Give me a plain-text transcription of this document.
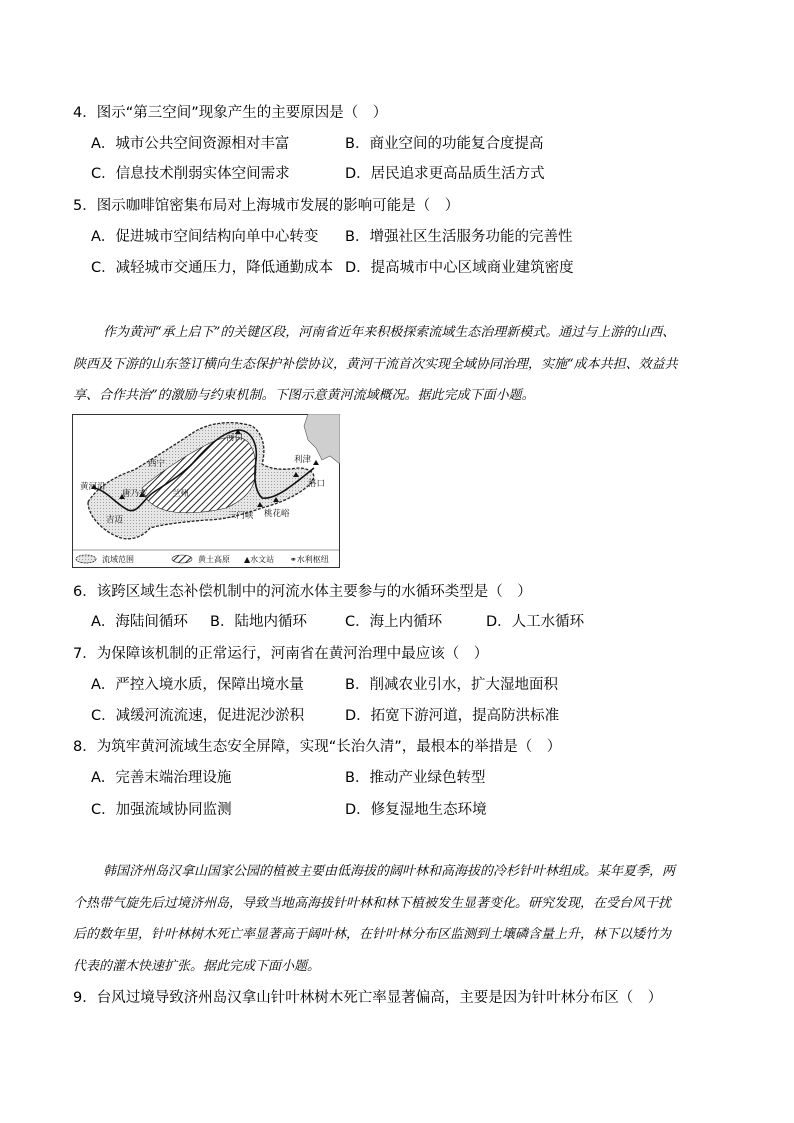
4．图示“第三空间”现象产生的主要原因是（　）
A．城市公共空间资源相对丰富	B．商业空间的功能复合度提高
C．信息技术削弱实体空间需求	D．居民追求更高品质生活方式
5．图示咖啡馆密集布局对上海城市发展的影响可能是（　）
A．促进城市空间结构向单中心转变 B．增强社区生活服务功能的完善性
C．减轻城市交通压力，降低通勤成本 D．提高城市中心区域商业建筑密度
作为黄河“承上启下”的关键区段，河南省近年来积极探索流域生态治理新模式。通过与上游的山西、
陕西及下游的山东签订横向生态保护补偿协议，黄河干流首次实现全域协同治理，实施“成本共担、效益共
享、合作共治”的激励与约束机制。下图示意黄河流域概况。据此完成下面小题。
河口
西宁
兰州
黄河沿
唐乃亥
吉迈
利津
洛口
三门峡 桃花峪
流域范围	黄土高原 ▲水文站 ⚭水利枢纽
6．该跨区域生态补偿机制中的河流水体主要参与的水循环类型是（　）
A．海陆间循环 B．陆地内循环	C．海上内循环	D．人工水循环
7．为保障该机制的正常运行，河南省在黄河治理中最应该（　）
A．严控入境水质，保障出境水量	B．削减农业引水，扩大湿地面积
C．减缓河流流速，促进泥沙淤积	D．拓宽下游河道，提高防洪标准
8．为筑牢黄河流域生态安全屏障，实现“长治久清”，最根本的举措是（　）
A．完善末端治理设施	B．推动产业绿色转型
C．加强流域协同监测	D．修复湿地生态环境
韩国济州岛汉拿山国家公园的植被主要由低海拔的阔叶林和高海拔的冷杉针叶林组成。某年夏季，两
个热带气旋先后过境济州岛，导致当地高海拔针叶林和林下植被发生显著变化。研究发现，在受台风干扰
后的数年里，针叶林树木死亡率显著高于阔叶林，在针叶林分布区监测到土壤磷含量上升，林下以矮竹为
代表的灌木快速扩张。据此完成下面小题。
9．台风过境导致济州岛汉拿山针叶林树木死亡率显著偏高，主要是因为针叶林分布区（　）
